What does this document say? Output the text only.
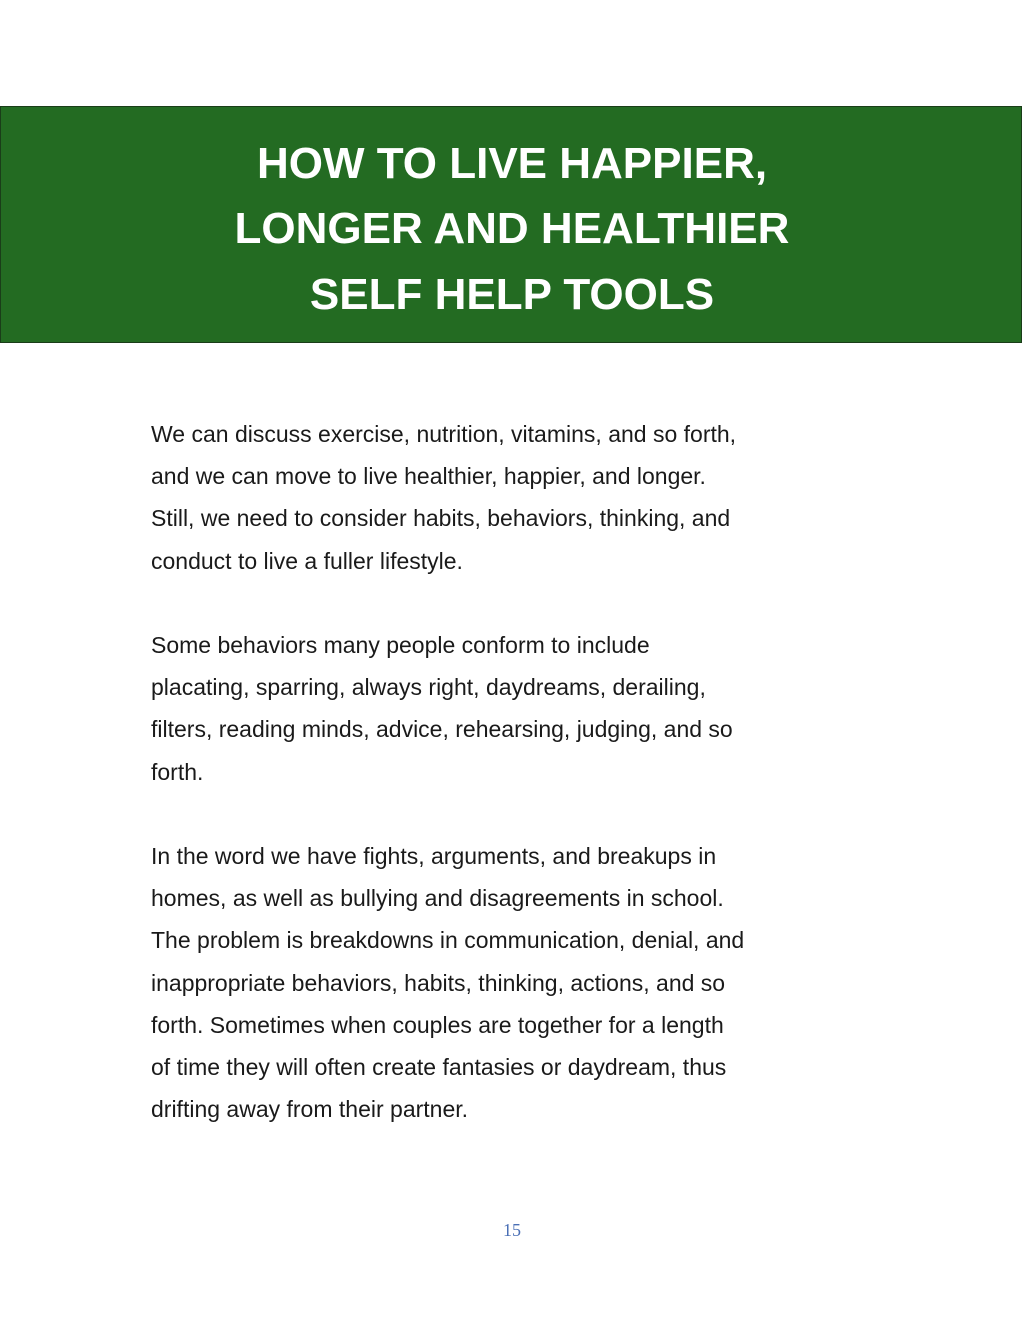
HOW TO LIVE HAPPIER,
LONGER AND HEALTHIER
SELF HELP TOOLS
We can discuss exercise, nutrition, vitamins, and so forth,
and we can move to live healthier, happier, and longer.
Still, we need to consider habits, behaviors, thinking, and
conduct to live a fuller lifestyle.
Some behaviors many people conform to include
placating, sparring, always right, daydreams, derailing,
filters, reading minds, advice, rehearsing, judging, and so
forth.
In the word we have fights, arguments, and breakups in
homes, as well as bullying and disagreements in school.
The problem is breakdowns in communication, denial, and
inappropriate behaviors, habits, thinking, actions, and so
forth. Sometimes when couples are together for a length
of time they will often create fantasies or daydream, thus
drifting away from their partner.
15
